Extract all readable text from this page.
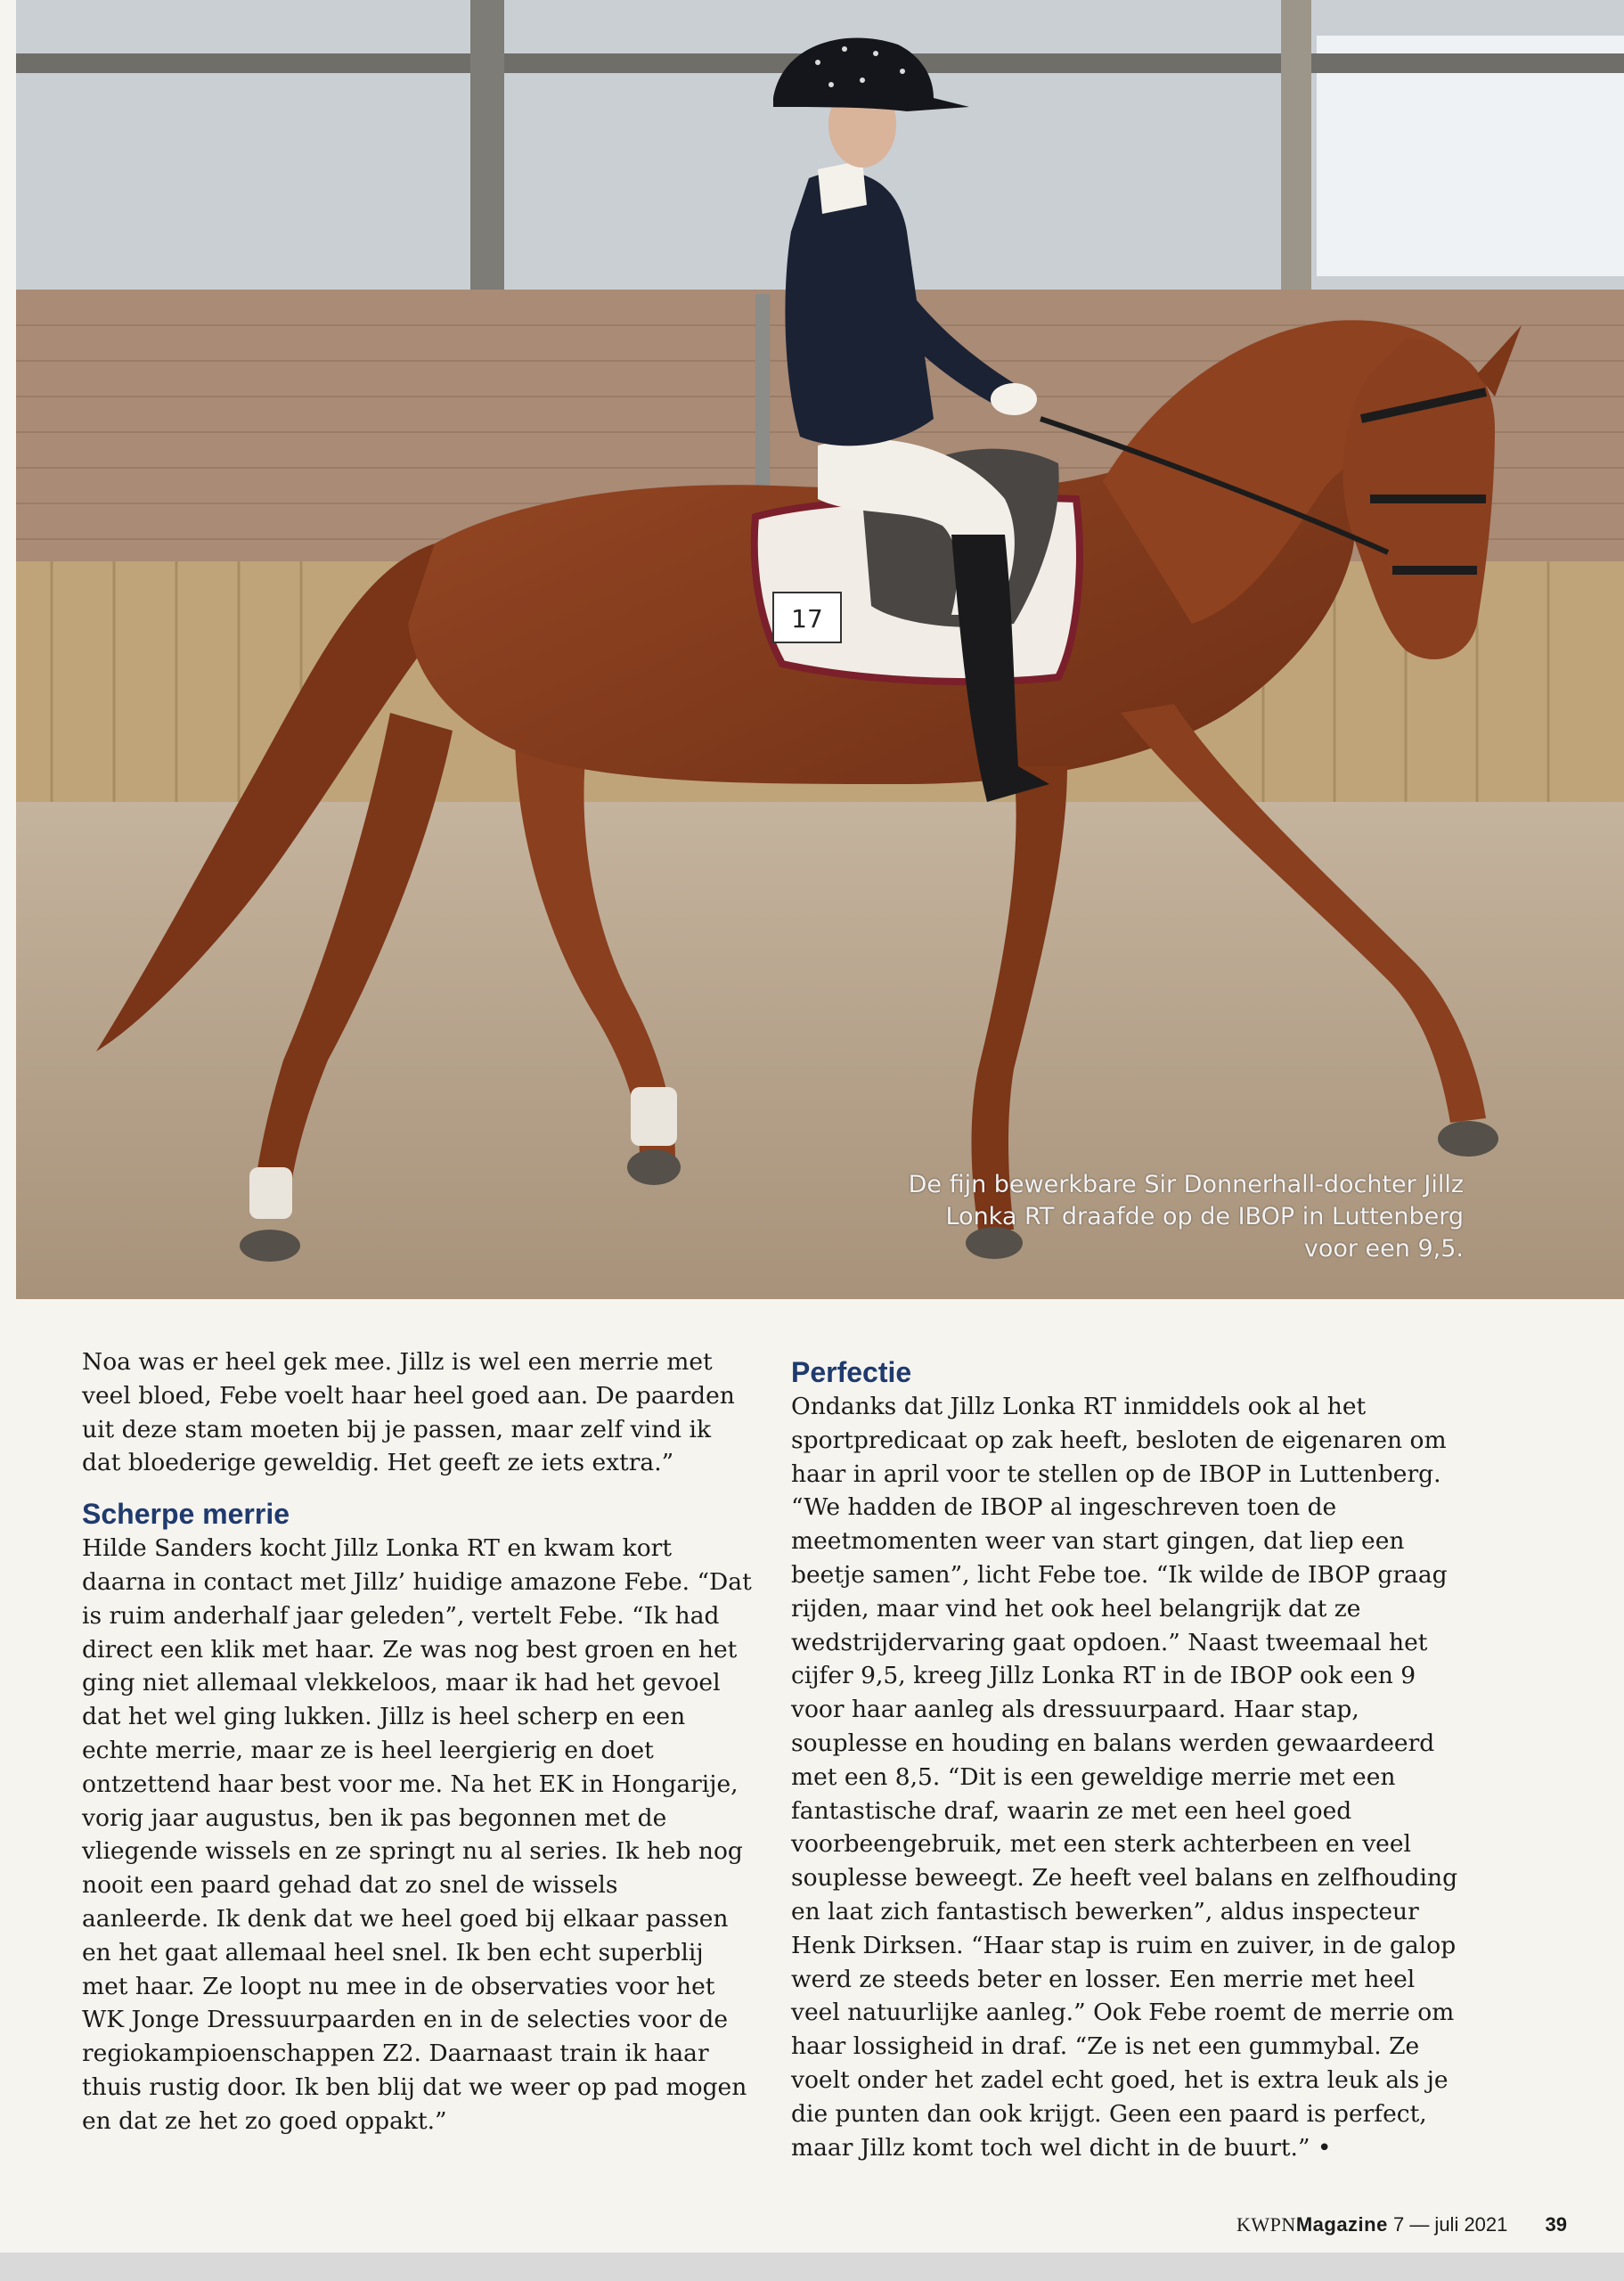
17
De fijn bewerkbare Sir Donnerhall-dochter Jillz Lonka RT draafde op de IBOP in Luttenberg voor een 9,5.

Noa was er heel gek mee. Jillz is wel een merrie met veel bloed, Febe voelt haar heel goed aan. De paarden uit deze stam moeten bij je passen, maar zelf vind ik dat bloederige geweldig. Het geeft ze iets extra.”

Scherpe merrie

Hilde Sanders kocht Jillz Lonka RT en kwam kort daarna in contact met Jillz’ huidige amazone Febe. “Dat is ruim anderhalf jaar geleden”, vertelt Febe. “Ik had direct een klik met haar. Ze was nog best groen en het ging niet allemaal vlekkeloos, maar ik had het gevoel dat het wel ging lukken. Jillz is heel scherp en een echte merrie, maar ze is heel leergierig en doet ontzettend haar best voor me. Na het EK in Hongarije, vorig jaar augustus, ben ik pas begonnen met de vliegende wissels en ze springt nu al series. Ik heb nog nooit een paard gehad dat zo snel de wissels aanleerde. Ik denk dat we heel goed bij elkaar passen en het gaat allemaal heel snel. Ik ben echt superblij met haar. Ze loopt nu mee in de observaties voor het WK Jonge Dressuurpaarden en in de selecties voor de regiokampioenschappen Z2. Daarnaast train ik haar thuis rustig door. Ik ben blij dat we weer op pad mogen en dat ze het zo goed oppakt.”

Perfectie

Ondanks dat Jillz Lonka RT inmiddels ook al het sportpredicaat op zak heeft, besloten de eigenaren om haar in april voor te stellen op de IBOP in Luttenberg. “We hadden de IBOP al ingeschreven toen de meetmomenten weer van start gingen, dat liep een beetje samen”, licht Febe toe. “Ik wilde de IBOP graag rijden, maar vind het ook heel belangrijk dat ze wedstrijdervaring gaat opdoen.” Naast tweemaal het cijfer 9,5, kreeg Jillz Lonka RT in de IBOP ook een 9 voor haar aanleg als dressuurpaard. Haar stap, souplesse en houding en balans werden gewaardeerd met een 8,5. “Dit is een geweldige merrie met een fantastische draf, waarin ze met een heel goed voorbeengebruik, met een sterk achterbeen en veel souplesse beweegt. Ze heeft veel balans en zelfhouding en laat zich fantastisch bewerken”, aldus inspecteur Henk Dirksen. “Haar stap is ruim en zuiver, in de galop werd ze steeds beter en losser. Een merrie met heel veel natuurlijke aanleg.” Ook Febe roemt de merrie om haar lossigheid in draf. “Ze is net een gummybal. Ze voelt onder het zadel echt goed, het is extra leuk als je die punten dan ook krijgt. Geen een paard is perfect, maar Jillz komt toch wel dicht in de buurt.” •

KWPNMagazine 7 — juli 2021 39
